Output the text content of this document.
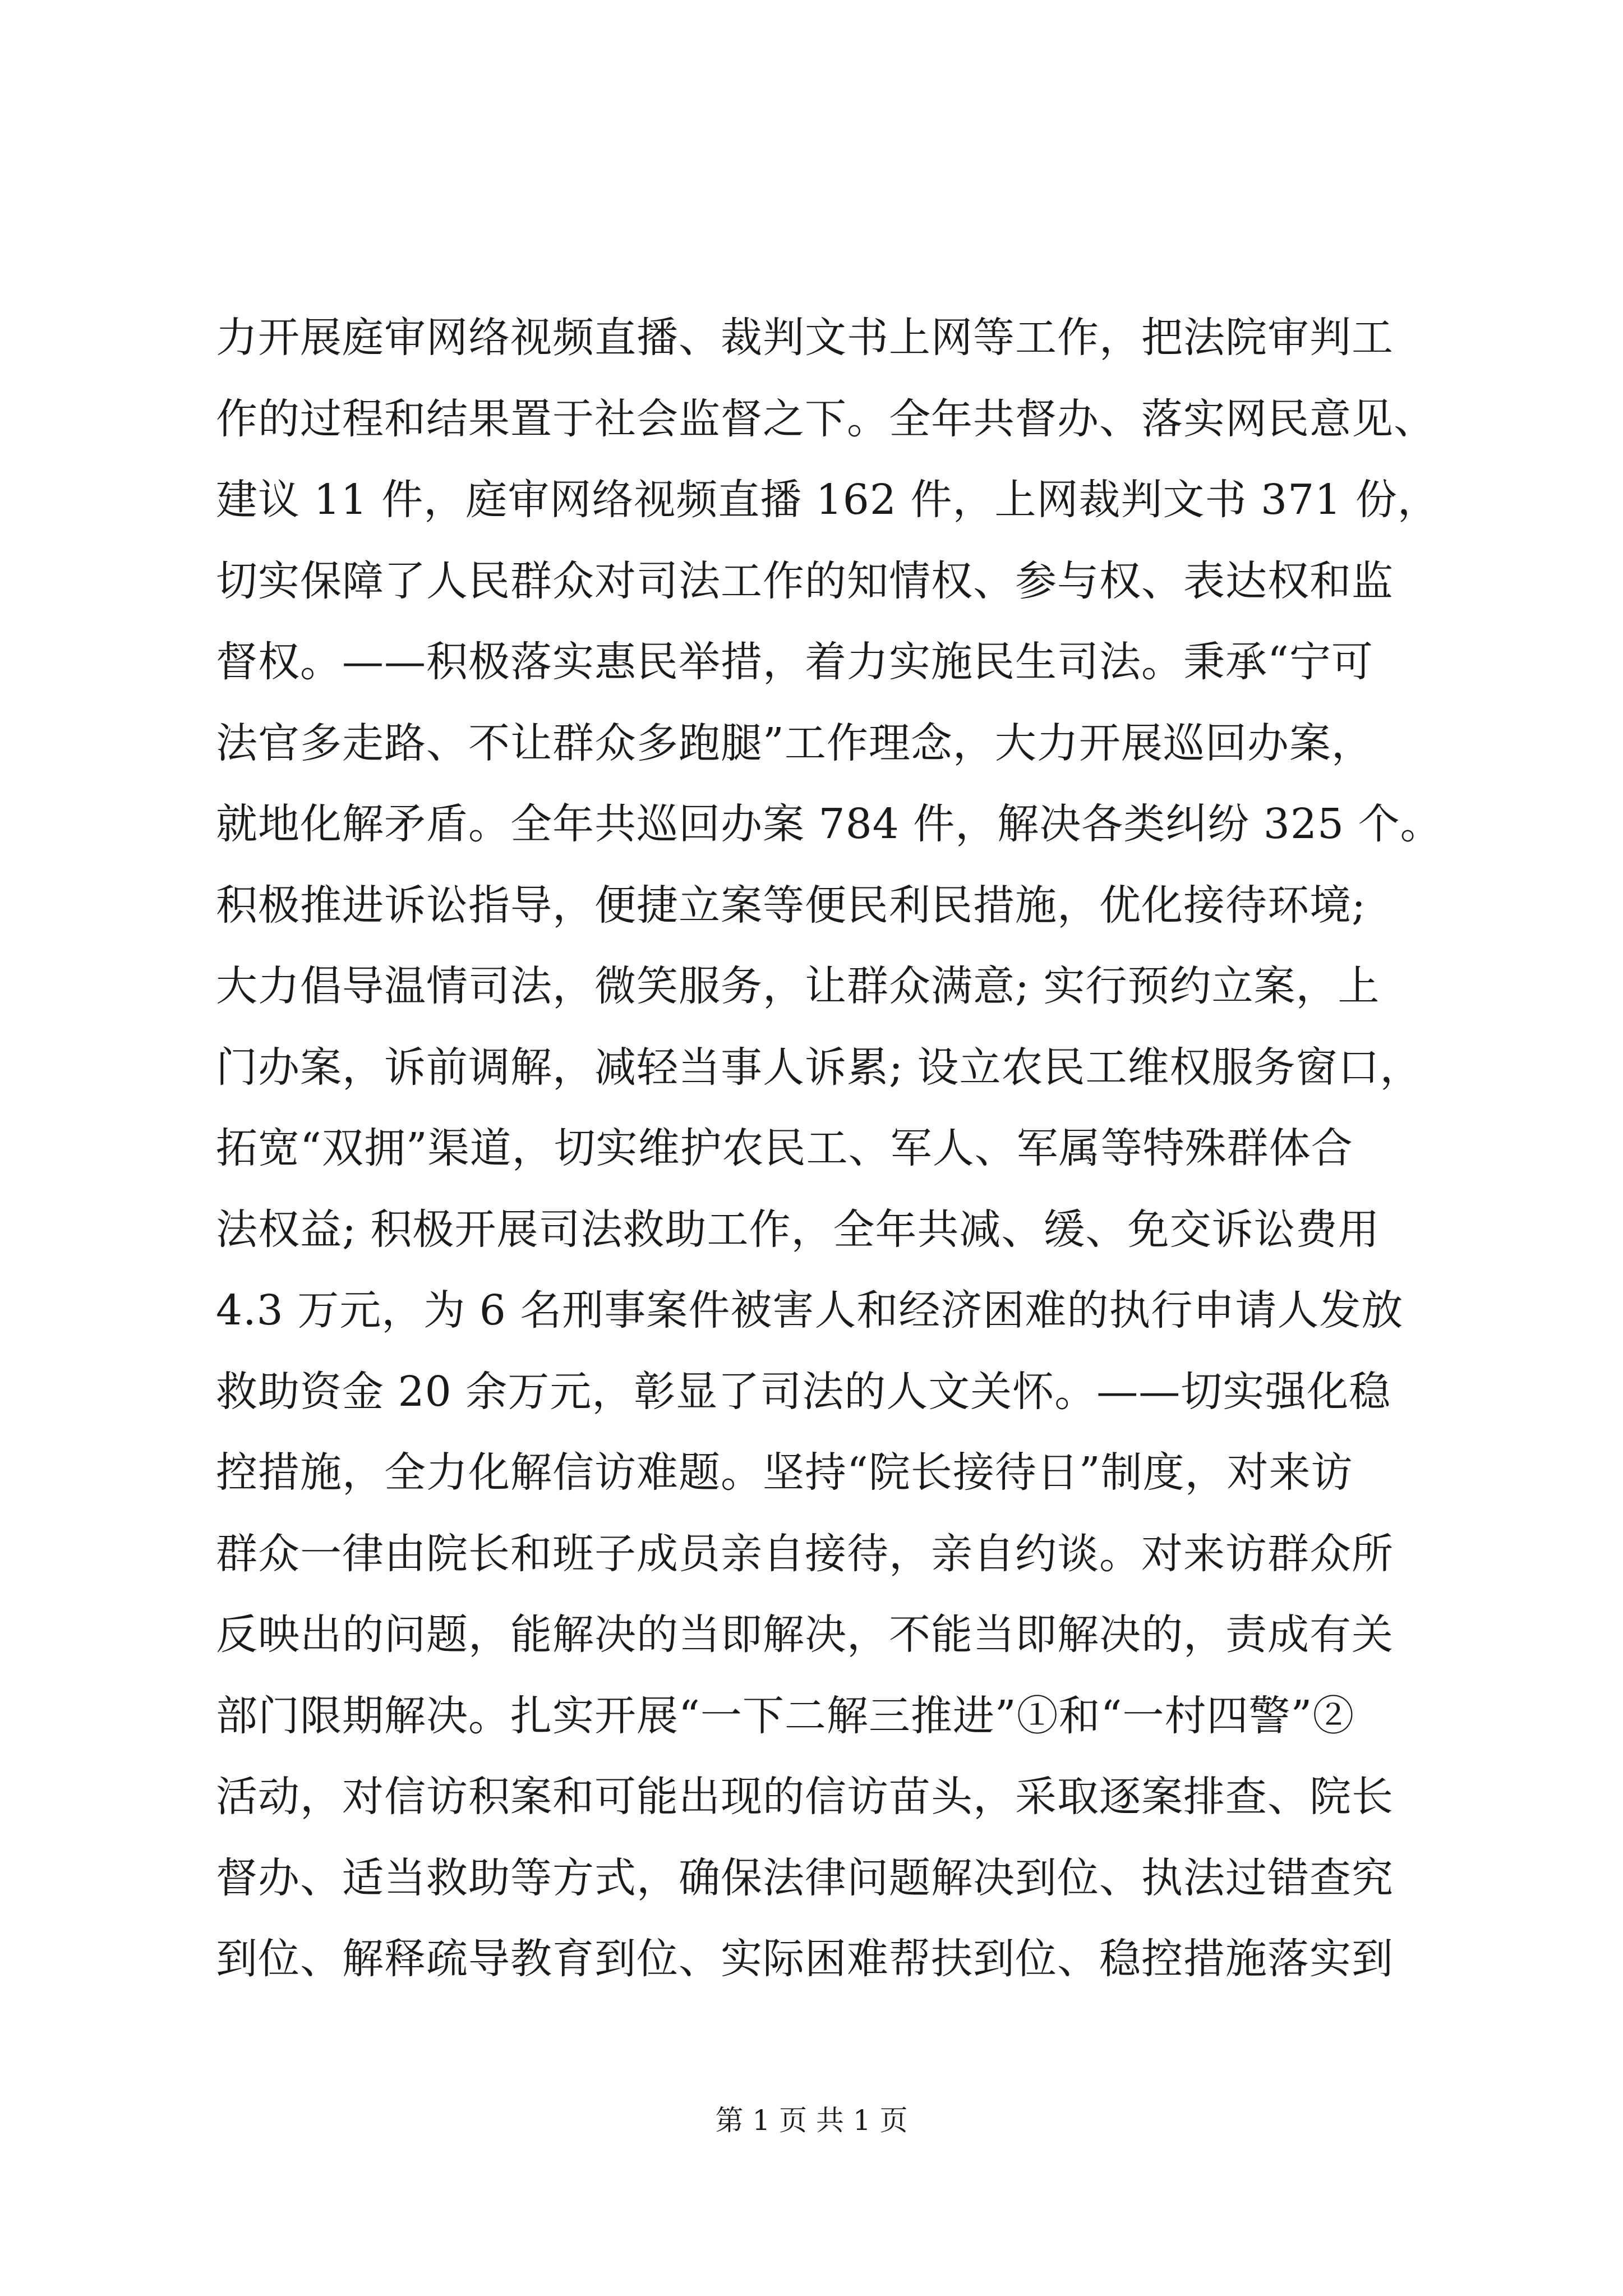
力开展庭审网络视频直播、裁判文书上网等工作，把法院审判工
作的过程和结果置于社会监督之下。全年共督办、落实网民意见、
建议 11 件，庭审网络视频直播 162 件，上网裁判文书 371 份，
切实保障了人民群众对司法工作的知情权、参与权、表达权和监
督权。——积极落实惠民举措，着力实施民生司法。秉承“宁可
法官多走路、不让群众多跑腿”工作理念，大力开展巡回办案，
就地化解矛盾。全年共巡回办案 784 件，解决各类纠纷 325 个。
积极推进诉讼指导，便捷立案等便民利民措施，优化接待环境;
大力倡导温情司法，微笑服务，让群众满意; 实行预约立案，上
门办案，诉前调解，减轻当事人诉累; 设立农民工维权服务窗口，
拓宽“双拥”渠道，切实维护农民工、军人、军属等特殊群体合
法权益; 积极开展司法救助工作，全年共减、缓、免交诉讼费用
4.3 万元，为 6 名刑事案件被害人和经济困难的执行申请人发放
救助资金 20 余万元，彰显了司法的人文关怀。——切实强化稳
控措施，全力化解信访难题。坚持“院长接待日”制度，对来访
群众一律由院长和班子成员亲自接待，亲自约谈。对来访群众所
反映出的问题，能解决的当即解决，不能当即解决的，责成有关
部门限期解决。扎实开展“一下二解三推进”①和“一村四警”②
活动，对信访积案和可能出现的信访苗头，采取逐案排查、院长
督办、适当救助等方式，确保法律问题解决到位、执法过错查究
到位、解释疏导教育到位、实际困难帮扶到位、稳控措施落实到
第 1 页 共 1 页
